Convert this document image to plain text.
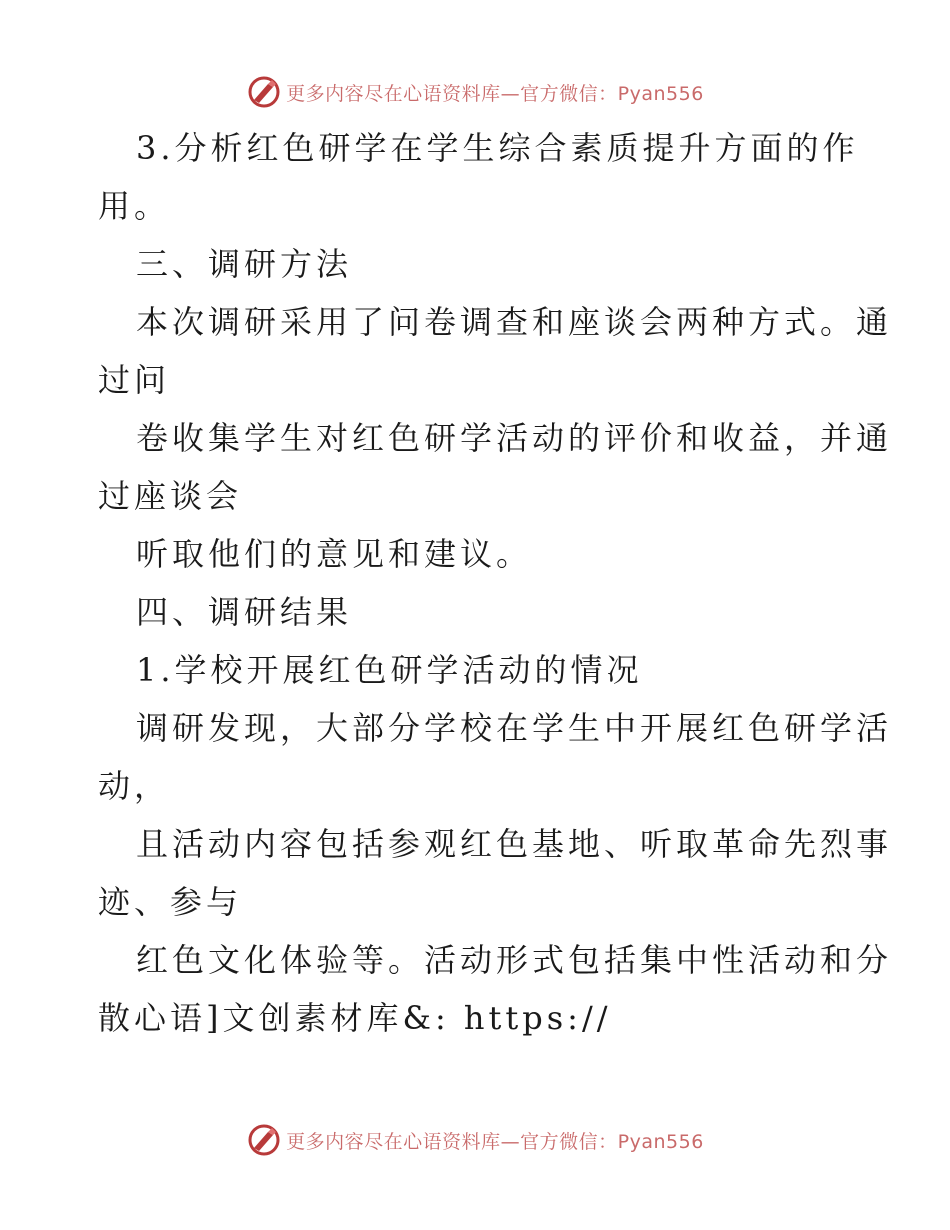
更多内容尽在心语资料库—官方微信：Pyan556
3.分析红色研学在学生综合素质提升方面的作
用。
三、调研方法
本次调研采用了问卷调查和座谈会两种方式。通
过问
卷收集学生对红色研学活动的评价和收益，并通
过座谈会
听取他们的意见和建议。
四、调研结果
1.学校开展红色研学活动的情况
调研发现，大部分学校在学生中开展红色研学活
动，
且活动内容包括参观红色基地、听取革命先烈事
迹、参与
红色文化体验等。活动形式包括集中性活动和分
散心语]文创素材库&: https://
更多内容尽在心语资料库—官方微信：Pyan556
